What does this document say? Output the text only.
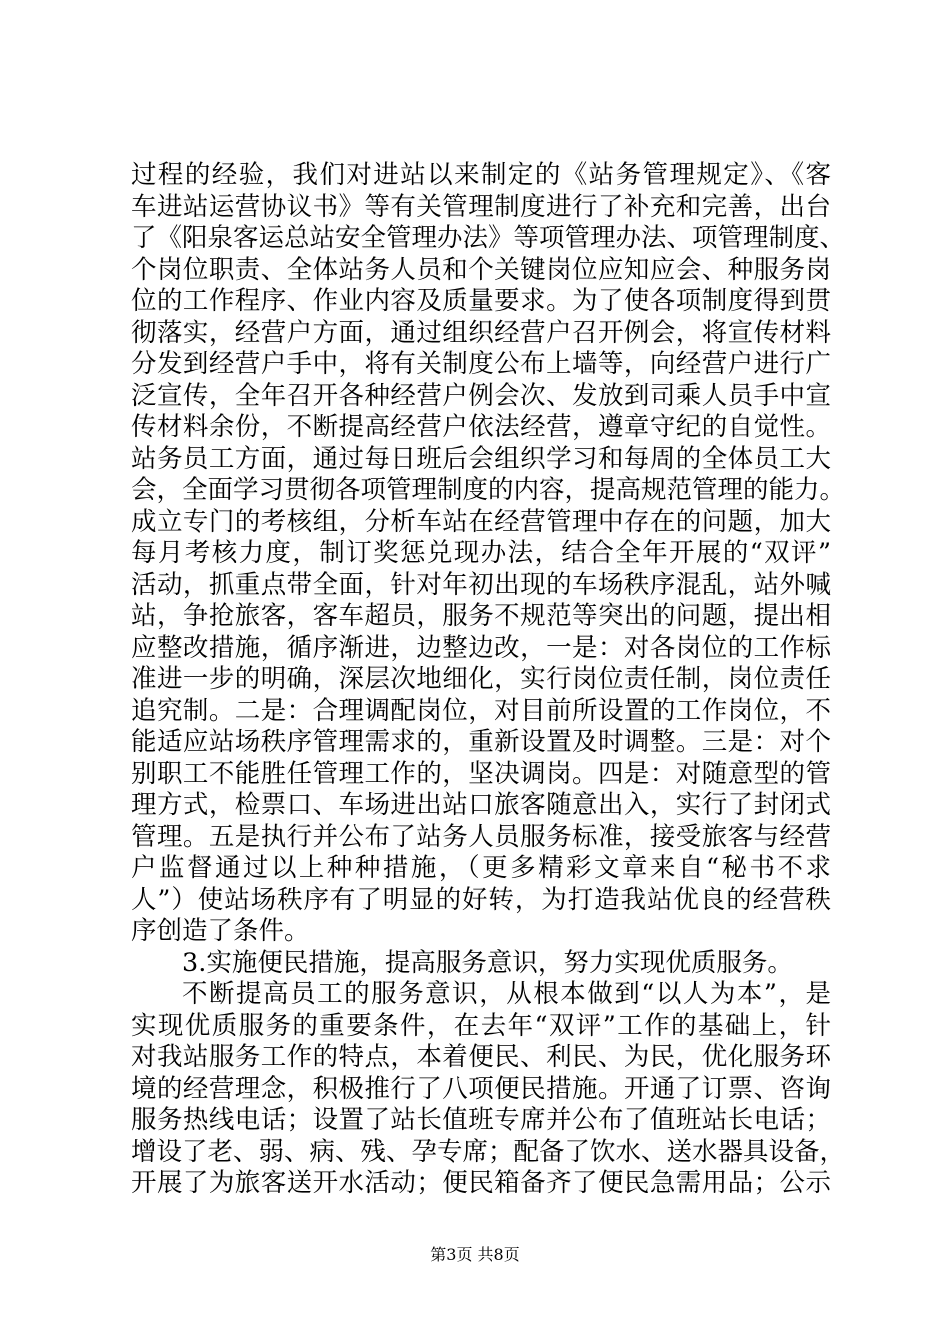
过程的经验，我们对进站以来制定的《站务管理规定》、《客
车进站运营协议书》等有关管理制度进行了补充和完善，出台
了《阳泉客运总站安全管理办法》等项管理办法、项管理制度、
个岗位职责、全体站务人员和个关键岗位应知应会、种服务岗
位的工作程序、作业内容及质量要求。为了使各项制度得到贯
彻落实，经营户方面，通过组织经营户召开例会，将宣传材料
分发到经营户手中，将有关制度公布上墙等，向经营户进行广
泛宣传，全年召开各种经营户例会次、发放到司乘人员手中宣
传材料余份，不断提高经营户依法经营，遵章守纪的自觉性。
站务员工方面，通过每日班后会组织学习和每周的全体员工大
会，全面学习贯彻各项管理制度的内容，提高规范管理的能力。
成立专门的考核组，分析车站在经营管理中存在的问题，加大
每月考核力度，制订奖惩兑现办法，结合全年开展的“双评”
活动，抓重点带全面，针对年初出现的车场秩序混乱，站外喊
站，争抢旅客，客车超员，服务不规范等突出的问题，提出相
应整改措施，循序渐进，边整边改，一是：对各岗位的工作标
准进一步的明确，深层次地细化，实行岗位责任制，岗位责任
追究制。二是：合理调配岗位，对目前所设置的工作岗位，不
能适应站场秩序管理需求的，重新设置及时调整。三是：对个
别职工不能胜任管理工作的，坚决调岗。四是：对随意型的管
理方式，检票口、车场进出站口旅客随意出入，实行了封闭式
管理。五是执行并公布了站务人员服务标准，接受旅客与经营
户监督通过以上种种措施，（更多精彩文章来自“秘书不求
人”）使站场秩序有了明显的好转，为打造我站优良的经营秩
序创造了条件。
3.实施便民措施，提高服务意识，努力实现优质服务。
不断提高员工的服务意识，从根本做到“以人为本”，是
实现优质服务的重要条件，在去年“双评”工作的基础上，针
对我站服务工作的特点，本着便民、利民、为民，优化服务环
境的经营理念，积极推行了八项便民措施。开通了订票、咨询
服务热线电话；设置了站长值班专席并公布了值班站长电话；
增设了老、弱、病、残、孕专席；配备了饮水、送水器具设备，
开展了为旅客送开水活动；便民箱备齐了便民急需用品；公示
第3页 共8页
